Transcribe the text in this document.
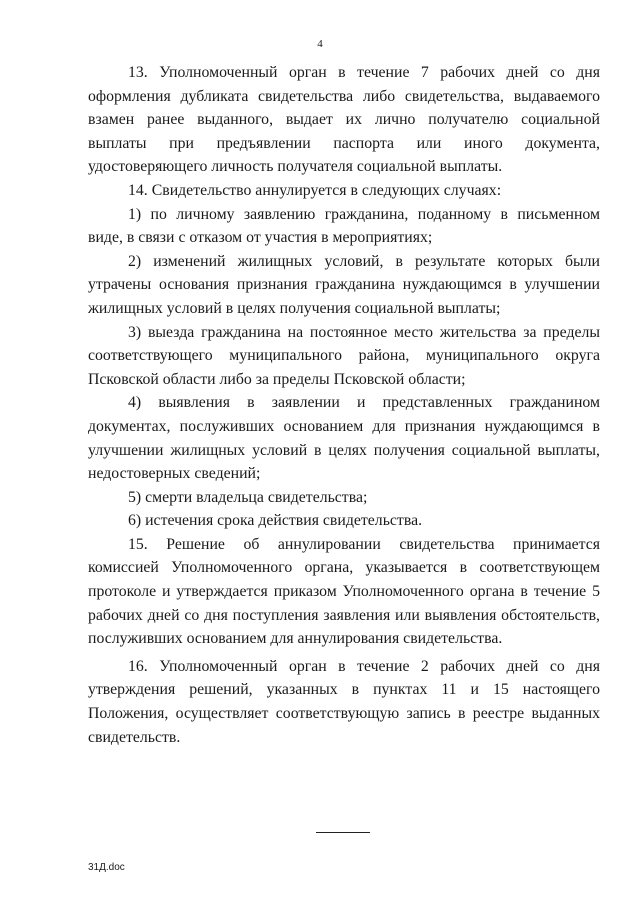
4

13. Уполномоченный орган в течение 7 рабочих дней со дня оформления дубликата свидетельства либо свидетельства, выдаваемого взамен ранее выданного, выдает их лично получателю социальной выплаты при предъявлении паспорта или иного документа, удостоверяющего личность получателя социальной выплаты.

14. Свидетельство аннулируется в следующих случаях:

1) по личному заявлению гражданина, поданному в письменном виде, в связи с отказом от участия в мероприятиях;

2) изменений жилищных условий, в результате которых были утрачены основания признания гражданина нуждающимся в улучшении жилищных условий в целях получения социальной выплаты;

3) выезда гражданина на постоянное место жительства за пределы соответствующего муниципального района, муниципального округа Псковской области либо за пределы Псковской области;

4) выявления в заявлении и представленных гражданином документах, послуживших основанием для признания нуждающимся в улучшении жилищных условий в целях получения социальной выплаты, недостоверных сведений;

5) смерти владельца свидетельства;

6) истечения срока действия свидетельства.

15. Решение об аннулировании свидетельства принимается комиссией Уполномоченного органа, указывается в соответствующем протоколе и утверждается приказом Уполномоченного органа в течение 5 рабочих дней со дня поступления заявления или выявления обстоятельств, послуживших основанием для аннулирования свидетельства.

16. Уполномоченный орган в течение 2 рабочих дней со дня утверждения решений, указанных в пунктах 11 и 15 настоящего Положения, осуществляет соответствующую запись в реестре выданных свидетельств.

31Д.doc
